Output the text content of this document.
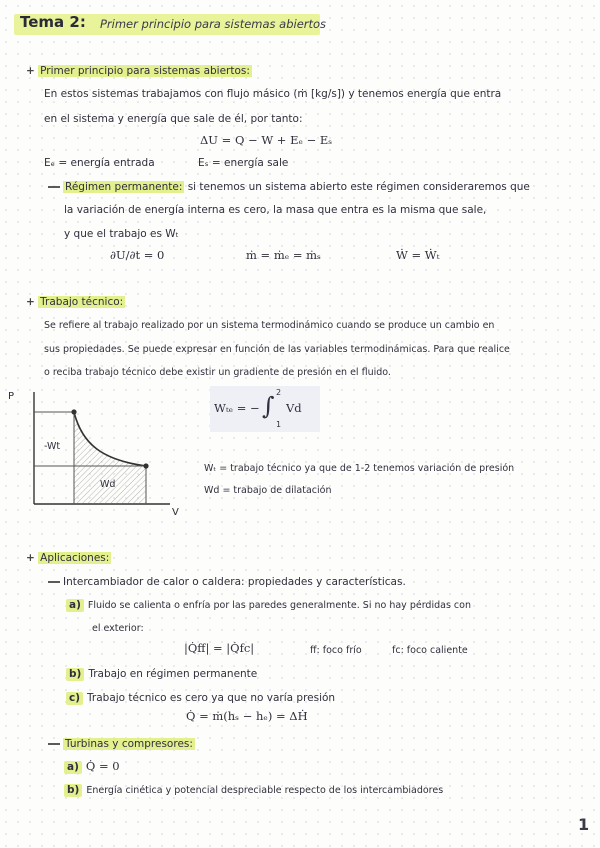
Tema 2: Primer principio para sistemas abiertos
+ Primer principio para sistemas abiertos:
En estos sistemas trabajamos con flujo másico (ṁ [kg/s]) y tenemos energía que entra
en el sistema y energía que sale de él, por tanto:
ΔU = Q − W + Eₑ − Eₛ
Eₑ = energía entrada	Eₛ = energía sale
Régimen permanente: si tenemos un sistema abierto este régimen consideraremos que
la variación de energía interna es cero, la masa que entra es la misma que sale,
y que el trabajo es Wₜ
∂U/∂t = 0	ṁ = ṁₑ = ṁₛ	Ẇ = Ẇₜ
+ Trabajo técnico:
Se refiere al trabajo realizado por un sistema termodinámico cuando se produce un cambio en
sus propiedades. Se puede expresar en función de las variables termodinámicas. Para que realice
o reciba trabajo técnico debe existir un gradiente de presión en el fluido.
P
V
-Wt
Wd
Wₜₑ = − ∫ 2
1
Vd
Wₜ = trabajo técnico ya que de 1-2 tenemos variación de presión
Wd = trabajo de dilatación
+ Aplicaciones:
Intercambiador de calor o caldera: propiedades y características.
a) Fluido se calienta o enfría por las paredes generalmente. Si no hay pérdidas con
el exterior:
|Q̇ff| = |Q̇fc|	ff: foco frío	fc: foco caliente
b) Trabajo en régimen permanente
c) Trabajo técnico es cero ya que no varía presión
Q̇ = ṁ(hₛ − hₑ) = ΔḢ
Turbinas y compresores:
a) Q̇ = 0
b) Energía cinética y potencial despreciable respecto de los intercambiadores
1
